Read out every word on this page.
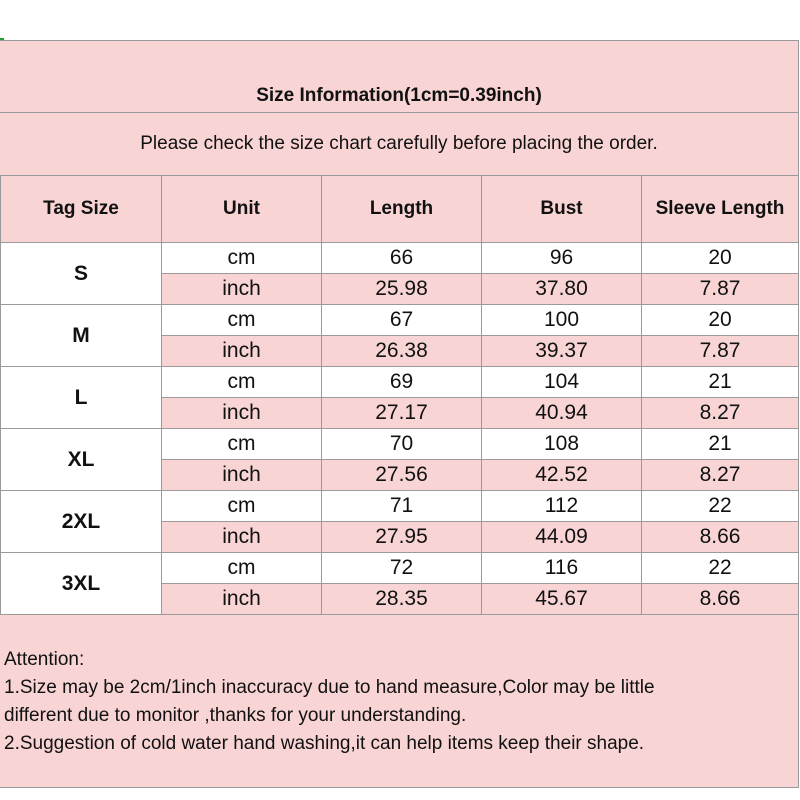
Size Information(1cm=0.39inch)
Please check the size chart carefully before placing the order.
Tag Size	Unit	Length	Bust	Sleeve Length
S	cm	66	96	20
	inch	25.98	37.80	7.87
M	cm	67	100	20
	inch	26.38	39.37	7.87
L	cm	69	104	21
	inch	27.17	40.94	8.27
XL	cm	70	108	21
	inch	27.56	42.52	8.27
2XL	cm	71	112	22
	inch	27.95	44.09	8.66
3XL	cm	72	116	22
	inch	28.35	45.67	8.66

Attention:

1.Size may be 2cm/1inch inaccuracy due to hand measure,Color may be little

different due to monitor ,thanks for your understanding.

2.Suggestion of cold water hand washing,it can help items keep their shape.
